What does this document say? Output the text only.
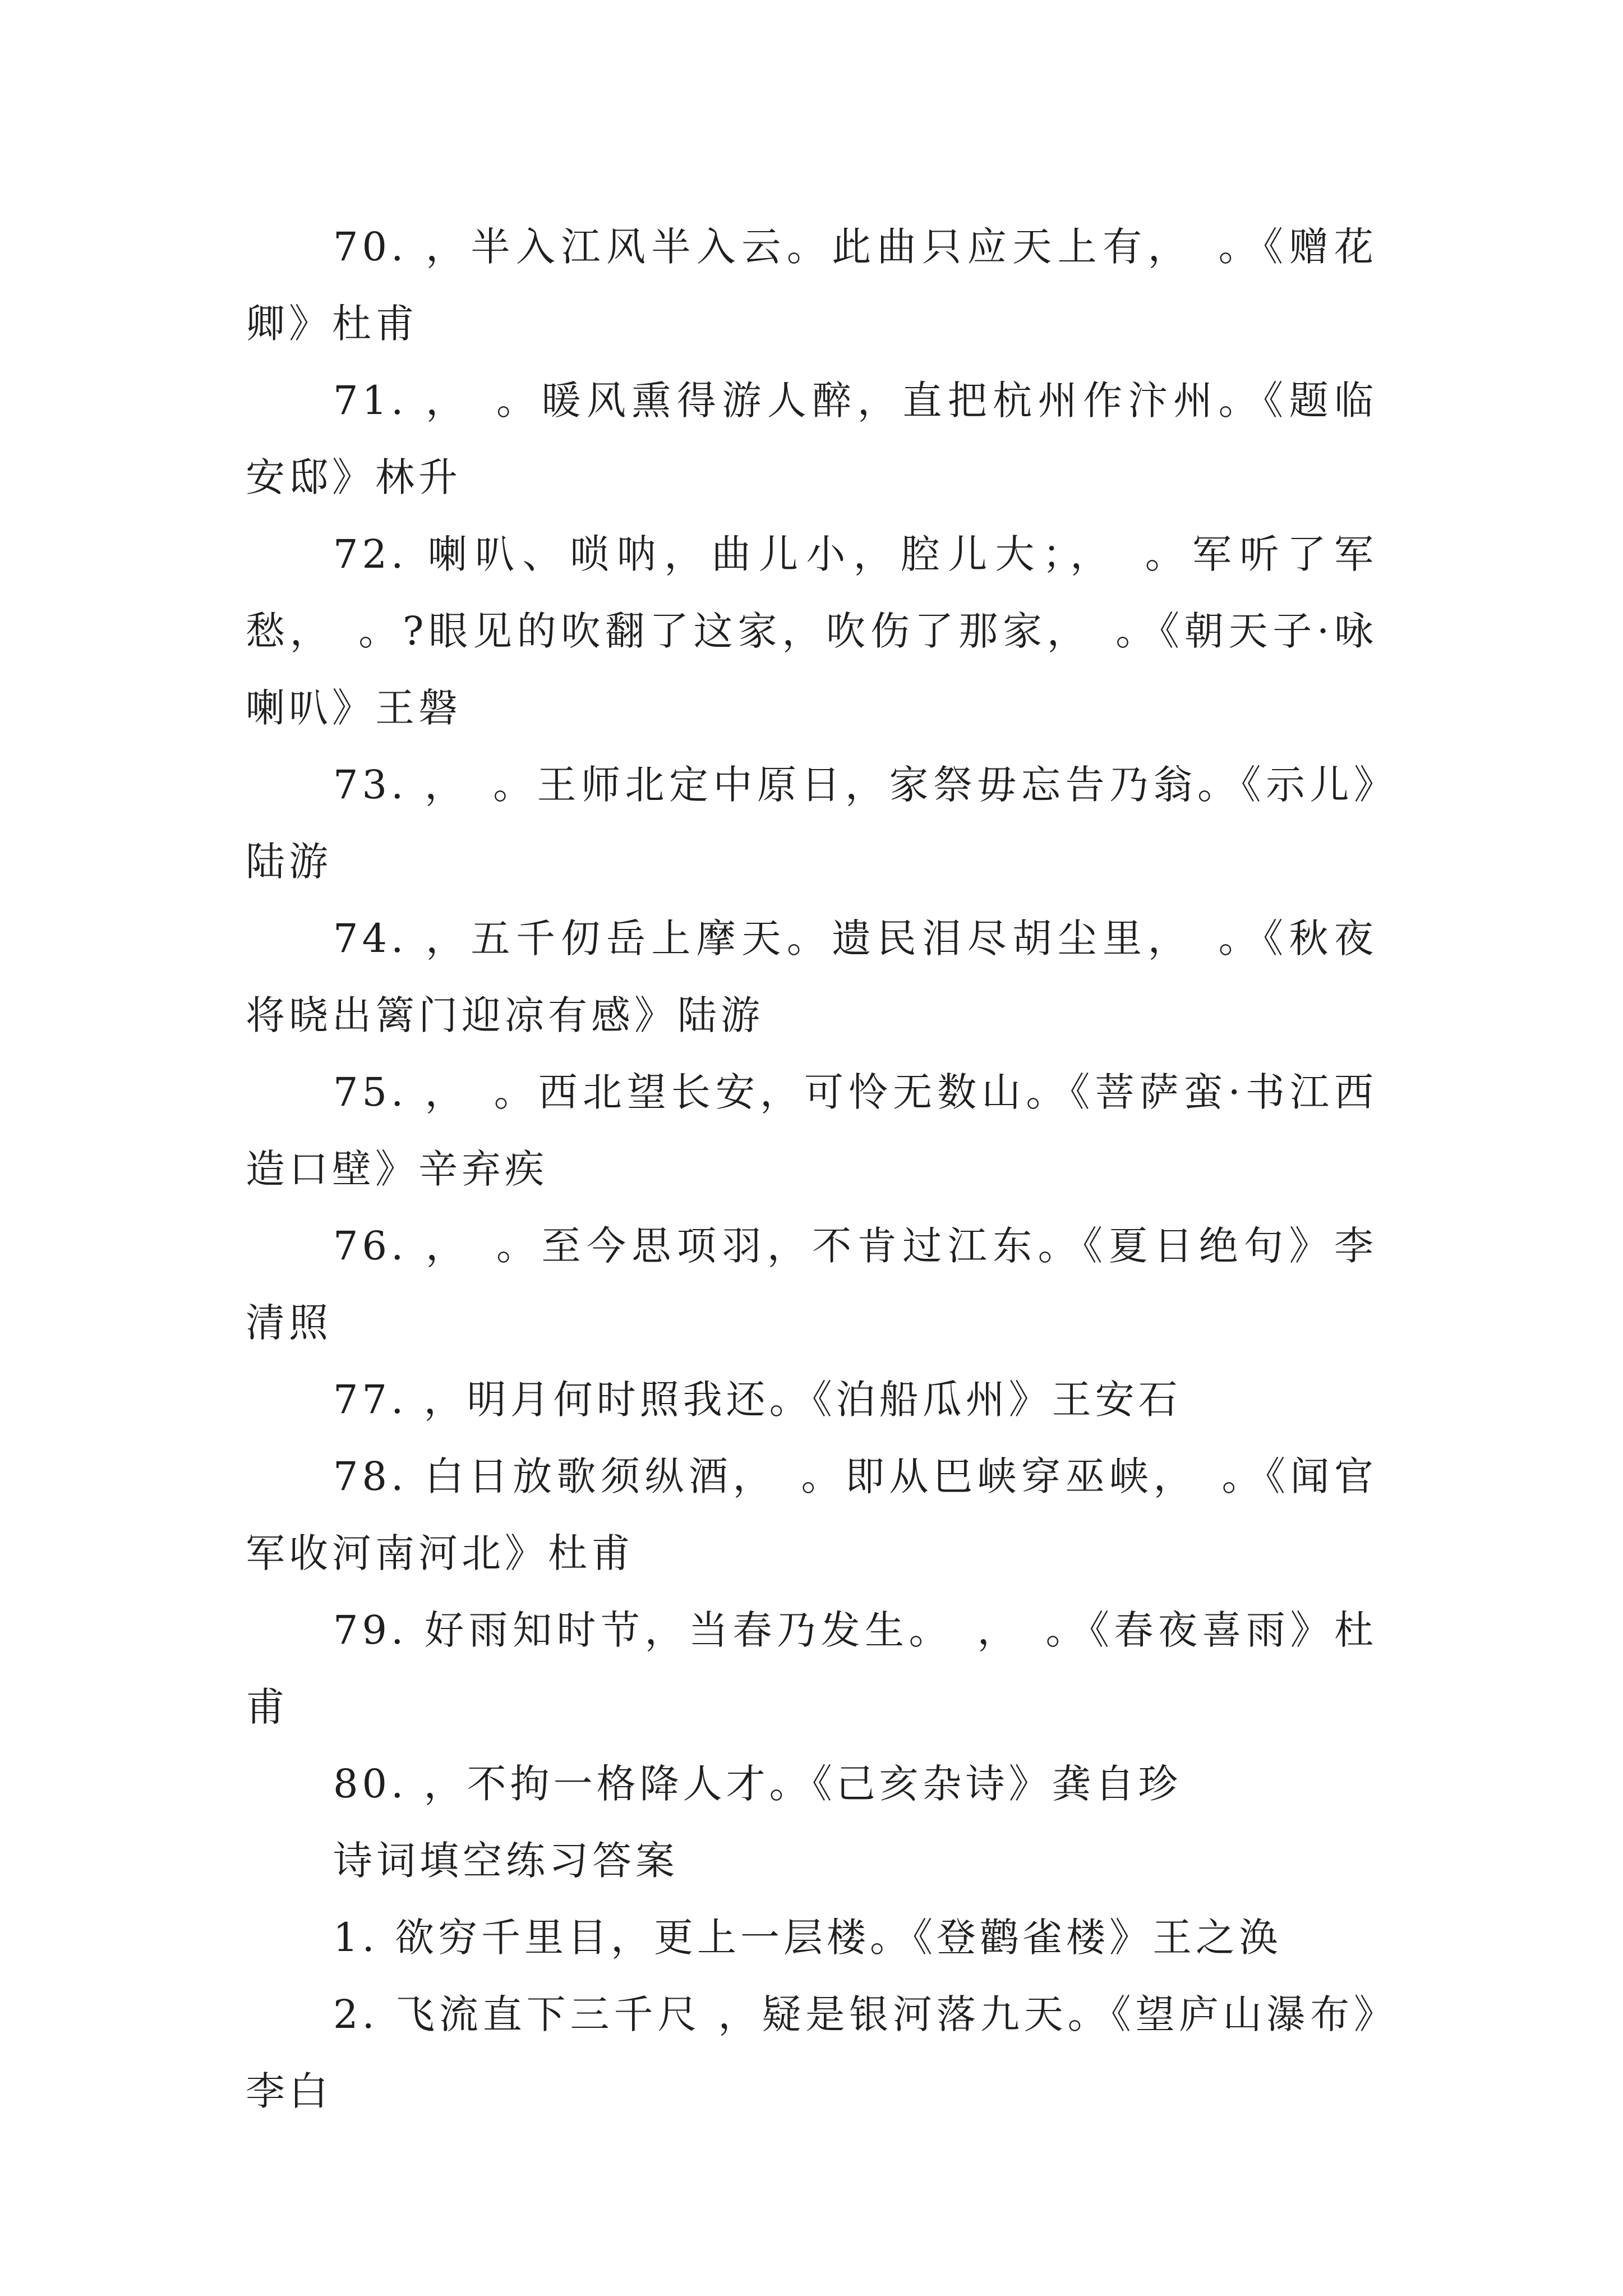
70. ，半入江风半入云。此曲只应天上有，　。《赠花卿》杜甫

71. ，　。暖风熏得游人醉，直把杭州作汴州。《题临安邸》林升

72. 喇叭、唢呐，曲儿小，腔儿大；，　。军听了军愁，　。?眼见的吹翻了这家，吹伤了那家，　。《朝天子·咏喇叭》王磐

73. ，　。王师北定中原日，家祭毋忘告乃翁。《示儿》陆游

74. ，五千仞岳上摩天。遗民泪尽胡尘里，　。《秋夜将晓出篱门迎凉有感》陆游

75. ，　。西北望长安，可怜无数山。《菩萨蛮·书江西造口壁》辛弃疾

76. ，　。至今思项羽，不肯过江东。《夏日绝句》李清照

77. ，明月何时照我还。《泊船瓜州》王安石

78. 白日放歌须纵酒，　。即从巴峡穿巫峡，　。《闻官军收河南河北》杜甫

79. 好雨知时节，当春乃发生。　，　。《春夜喜雨》杜甫

80. ，不拘一格降人才。《己亥杂诗》龚自珍

诗词填空练习答案

1. 欲穷千里目，更上一层楼。《登鹳雀楼》王之涣

2. 飞流直下三千尺 ，疑是银河落九天。《望庐山瀑布》李白
